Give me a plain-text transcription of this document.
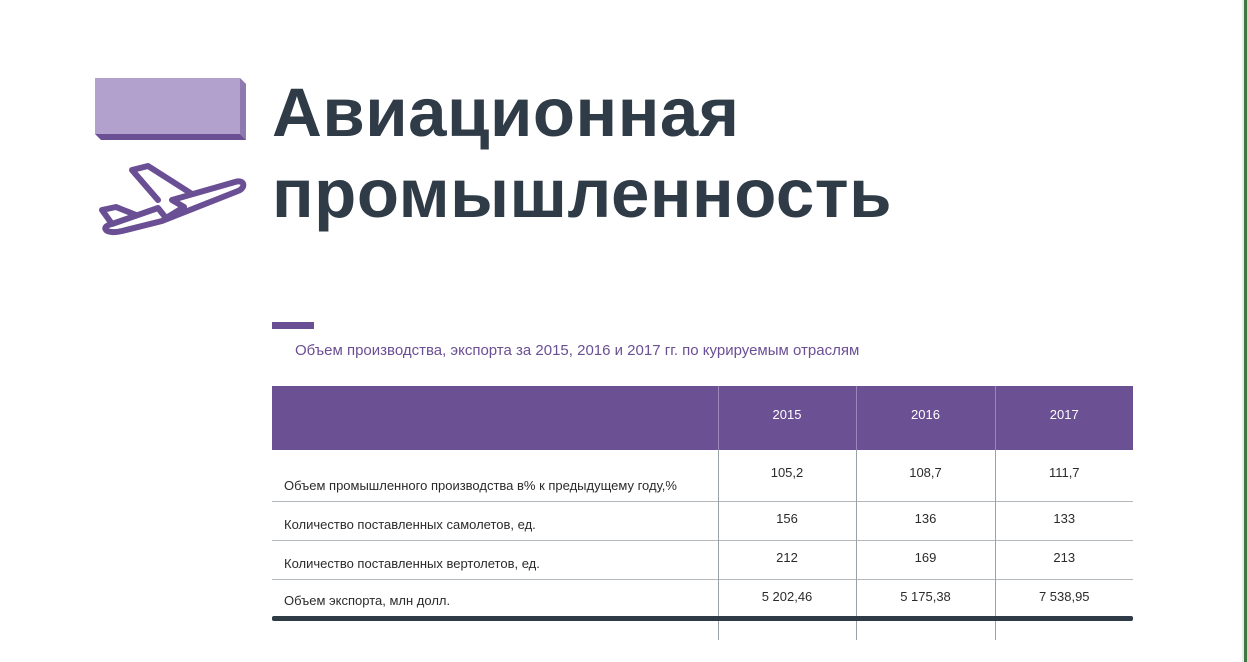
Авиационная
промышленность

Объем производства, экспорта за 2015, 2016 и 2017 гг. по курируемым отраслям

	2015	2016	2017
Объем промышленного производства в% к предыдущему году,%	105,2	108,7	111,7
Количество поставленных самолетов, ед.	156	136	133
Количество поставленных вертолетов, ед.	212	169	213
Объем экспорта, млн долл.	5 202,46	5 175,38	7 538,95
